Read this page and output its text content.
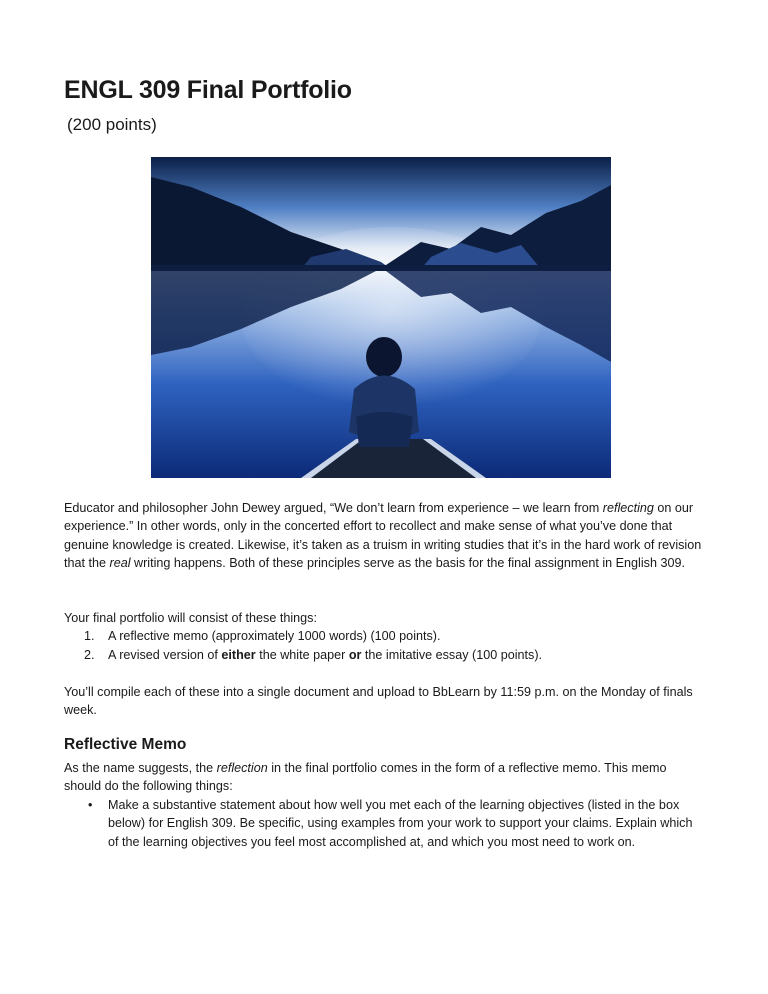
ENGL 309 Final Portfolio

(200 points)

Educator and philosopher John Dewey argued, “We don’t learn from experience – we learn from reflecting on our experience.” In other words, only in the concerted effort to recollect and make sense of what you’ve done that genuine knowledge is created. Likewise, it’s taken as a truism in writing studies that it’s in the hard work of revision that the real writing happens. Both of these principles serve as the basis for the final assignment in English 309.

Your final portfolio will consist of these things:

1. A reflective memo (approximately 1000 words) (100 points).
2. A revised version of either the white paper or the imitative essay (100 points).

You’ll compile each of these into a single document and upload to BbLearn by 11:59 p.m. on the Monday of finals week.

Reflective Memo

As the name suggests, the reflection in the final portfolio comes in the form of a reflective memo. This memo should do the following things:

• Make a substantive statement about how well you met each of the learning objectives (listed in the box below) for English 309. Be specific, using examples from your work to support your claims. Explain which of the learning objectives you feel most accomplished at, and which you most need to work on.
